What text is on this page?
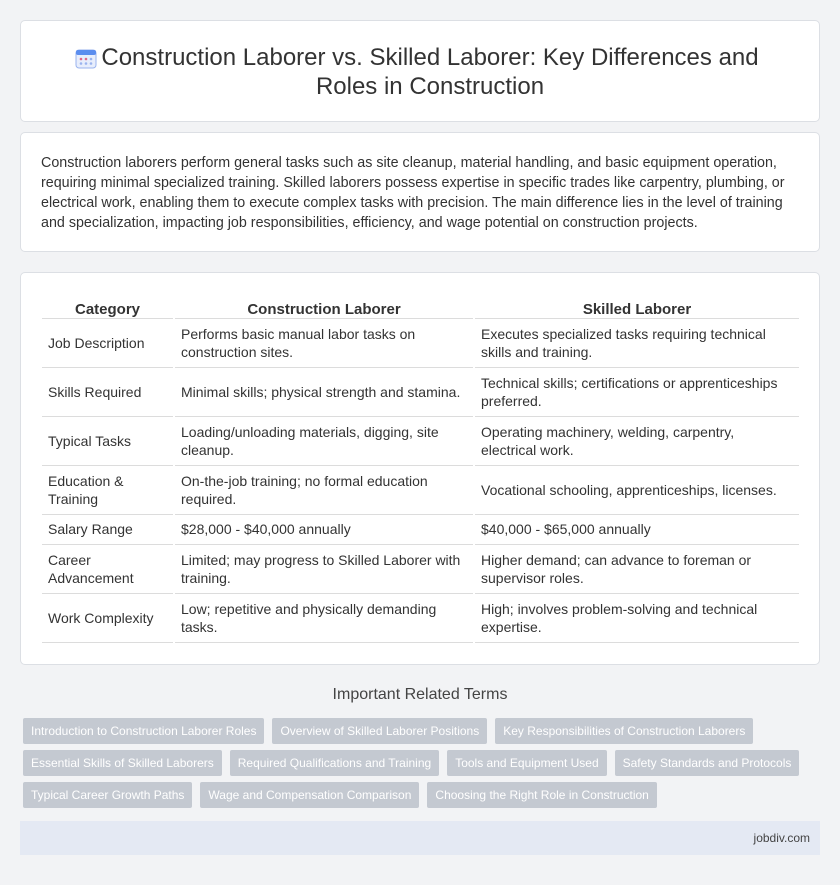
Construction Laborer vs. Skilled Laborer: Key Differences and Roles in Construction

Construction laborers perform general tasks such as site cleanup, material handling, and basic equipment operation, requiring minimal specialized training. Skilled laborers possess expertise in specific trades like carpentry, plumbing, or electrical work, enabling them to execute complex tasks with precision. The main difference lies in the level of training and specialization, impacting job responsibilities, efficiency, and wage potential on construction projects.

Category	Construction Laborer	Skilled Laborer
Job Description	Performs basic manual labor tasks on construction sites.	Executes specialized tasks requiring technical skills and training.
Skills Required	Minimal skills; physical strength and stamina.	Technical skills; certifications or apprenticeships preferred.
Typical Tasks	Loading/unloading materials, digging, site cleanup.	Operating machinery, welding, carpentry, electrical work.
Education & Training	On-the-job training; no formal education required.	Vocational schooling, apprenticeships, licenses.
Salary Range	$28,000 - $40,000 annually	$40,000 - $65,000 annually
Career Advancement	Limited; may progress to Skilled Laborer with training.	Higher demand; can advance to foreman or supervisor roles.
Work Complexity	Low; repetitive and physically demanding tasks.	High; involves problem-solving and technical expertise.
Important Related Terms
Introduction to Construction Laborer Roles	Overview of Skilled Laborer Positions	Key Responsibilities of Construction Laborers
Essential Skills of Skilled Laborers	Required Qualifications and Training	Tools and Equipment Used	Safety Standards and Protocols
Typical Career Growth Paths	Wage and Compensation Comparison	Choosing the Right Role in Construction
jobdiv.com
